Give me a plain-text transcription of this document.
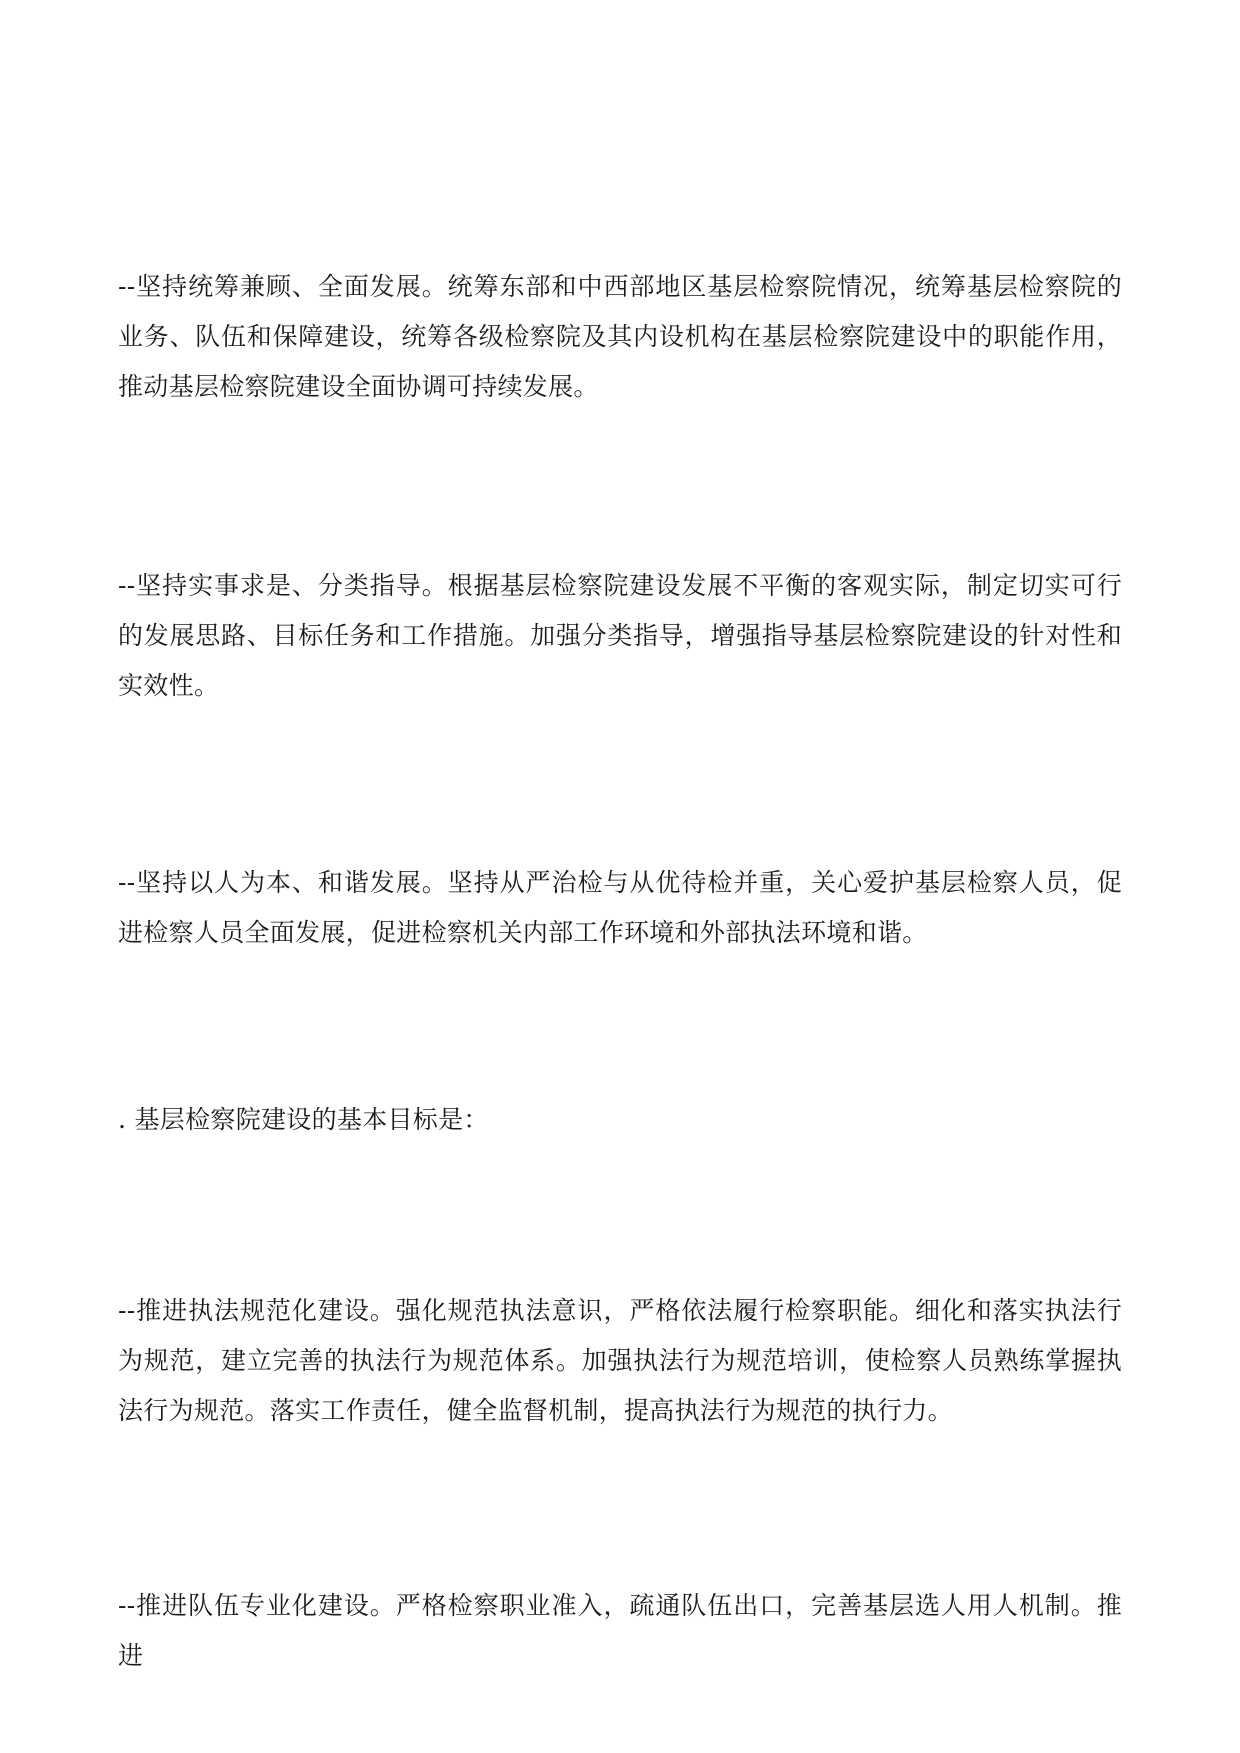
--坚持统筹兼顾、全面发展。统筹东部和中西部地区基层检察院情况，统筹基层检察院的业务、队伍和保障建设，统筹各级检察院及其内设机构在基层检察院建设中的职能作用，推动基层检察院建设全面协调可持续发展。

--坚持实事求是、分类指导。根据基层检察院建设发展不平衡的客观实际，制定切实可行的发展思路、目标任务和工作措施。加强分类指导，增强指导基层检察院建设的针对性和实效性。

--坚持以人为本、和谐发展。坚持从严治检与从优待检并重，关心爱护基层检察人员，促进检察人员全面发展，促进检察机关内部工作环境和外部执法环境和谐。

. 基层检察院建设的基本目标是：

--推进执法规范化建设。强化规范执法意识，严格依法履行检察职能。细化和落实执法行为规范，建立完善的执法行为规范体系。加强执法行为规范培训，使检察人员熟练掌握执法行为规范。落实工作责任，健全监督机制，提高执法行为规范的执行力。

--推进队伍专业化建设。严格检察职业准入，疏通队伍出口，完善基层选人用人机制。推进
